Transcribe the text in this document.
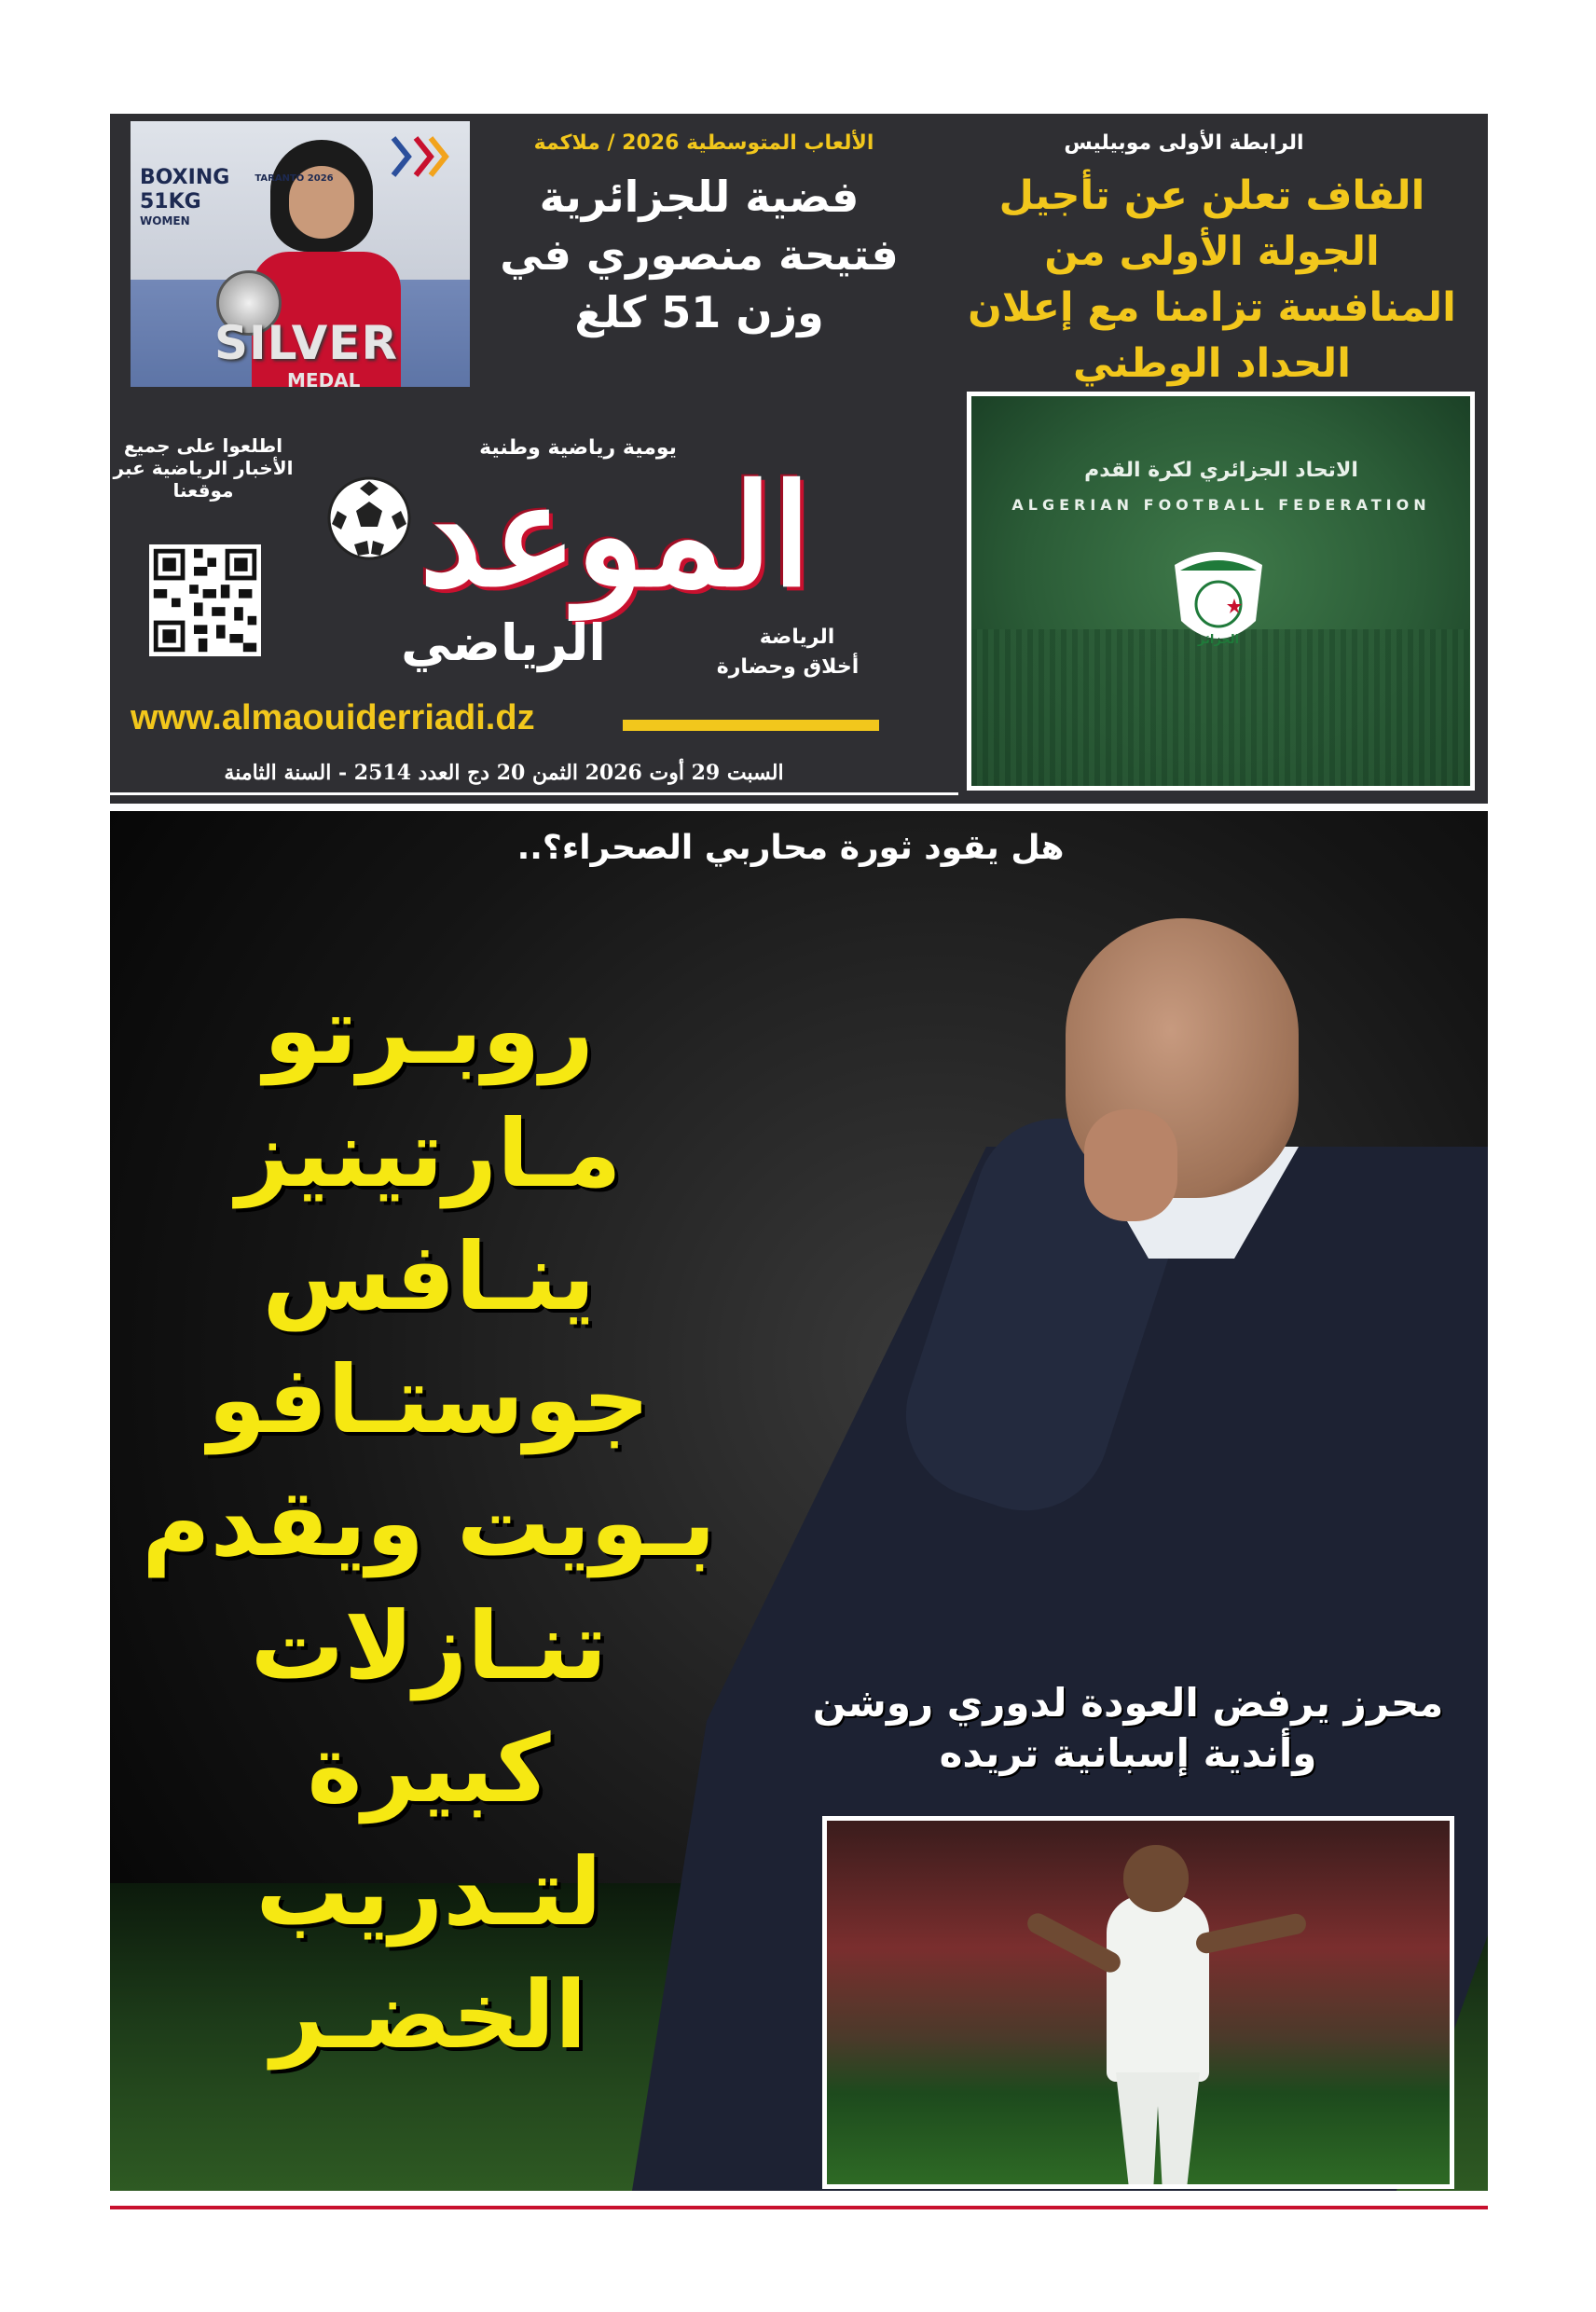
BOXING
51KG
WOMEN
TARANTO 2026
SILVER
MEDAL
الألعاب المتوسطية 2026 / ملاكمة
فضية للجزائرية فتيحة منصوري في وزن 51 كلغ
الرابطة الأولى موبيليس
الفاف تعلن عن تأجيل الجولة الأولى من المنافسة تزامنا مع إعلان الحداد الوطني
الاتحاد الجزائري لكرة القدم
ALGERIAN FOOTBALL FEDERATION
الجزائر
اطلعوا على جميع الأخبار الرياضية عبر موقعنا
يومية رياضية وطنية
الموعد
الرياضي	الرياضة
أخلاق وحضارة
www.almaouiderriadi.dz
السبت 29 أوت 2026 الثمن 20 دج العدد 2514 - السنة الثامنة
هل يقود ثورة محاربي الصحراء؟..
روبـرتو
مـارتينيز
ينـافس
جوستـافو
بـويت ويقدم
تنـازلات كبيرة
لتـدريب
الخضـر
محرز يرفض العودة لدوري روشن وأندية إسبانية تريده
